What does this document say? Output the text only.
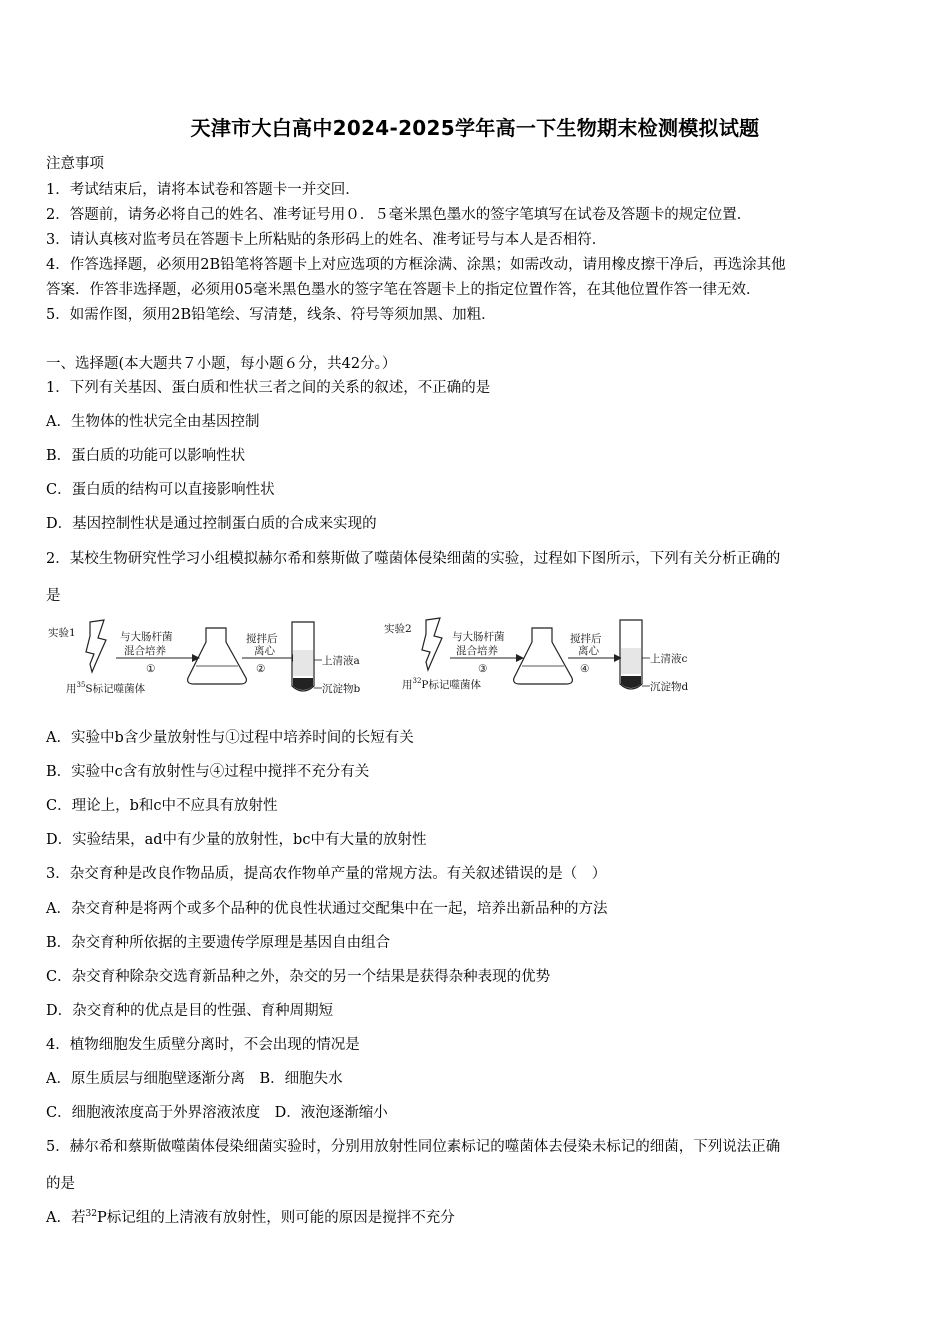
天津市大白高中2024-2025学年高一下生物期末检测模拟试题
注意事项
1．考试结束后，请将本试卷和答题卡一并交回．
2．答题前，请务必将自己的姓名、准考证号用０．５毫米黑色墨水的签字笔填写在试卷及答题卡的规定位置．
3．请认真核对监考员在答题卡上所粘贴的条形码上的姓名、准考证号与本人是否相符．
4．作答选择题，必须用2B铅笔将答题卡上对应选项的方框涂满、涂黑；如需改动，请用橡皮擦干净后，再选涂其他
答案．作答非选择题，必须用05毫米黑色墨水的签字笔在答题卡上的指定位置作答，在其他位置作答一律无效．
5．如需作图，须用2B铅笔绘、写清楚，线条、符号等须加黑、加粗．
一、选择题(本大题共７小题，每小题６分，共42分。）
1．下列有关基因、蛋白质和性状三者之间的关系的叙述，不正确的是
A．生物体的性状完全由基因控制
B．蛋白质的功能可以影响性状
C．蛋白质的结构可以直接影响性状
D．基因控制性状是通过控制蛋白质的合成来实现的
2．某校生物研究性学习小组模拟赫尔希和蔡斯做了噬菌体侵染细菌的实验，过程如下图所示，下列有关分析正确的
是
实验1	与大肠杆菌
混合培养
①
搅拌后
离心
②
上清液a
沉淀物b
用$^{35}$S标记噬菌体
实验2
与大肠杆菌
混合培养
③
搅拌后
离心
④
上清液c
沉淀物d
用$^{32}$P标记噬菌体
A．实验中b含少量放射性与①过程中培养时间的长短有关
B．实验中c含有放射性与④过程中搅拌不充分有关
C．理论上，b和c中不应具有放射性
D．实验结果，ad中有少量的放射性，bc中有大量的放射性
3．杂交育种是改良作物品质，提高农作物单产量的常规方法。有关叙述错误的是（　）
A．杂交育种是将两个或多个品种的优良性状通过交配集中在一起，培养出新品种的方法
B．杂交育种所依据的主要遗传学原理是基因自由组合
C．杂交育种除杂交选育新品种之外，杂交的另一个结果是获得杂种表现的优势
D．杂交育种的优点是目的性强、育种周期短
4．植物细胞发生质壁分离时，不会出现的情况是
A．原生质层与细胞壁逐渐分离　B．细胞失水
C．细胞液浓度高于外界溶液浓度　D．液泡逐渐缩小
5．赫尔希和蔡斯做噬菌体侵染细菌实验时，分别用放射性同位素标记的噬菌体去侵染未标记的细菌，下列说法正确
的是
A．若$^{32}$P标记组的上清液有放射性，则可能的原因是搅拌不充分
